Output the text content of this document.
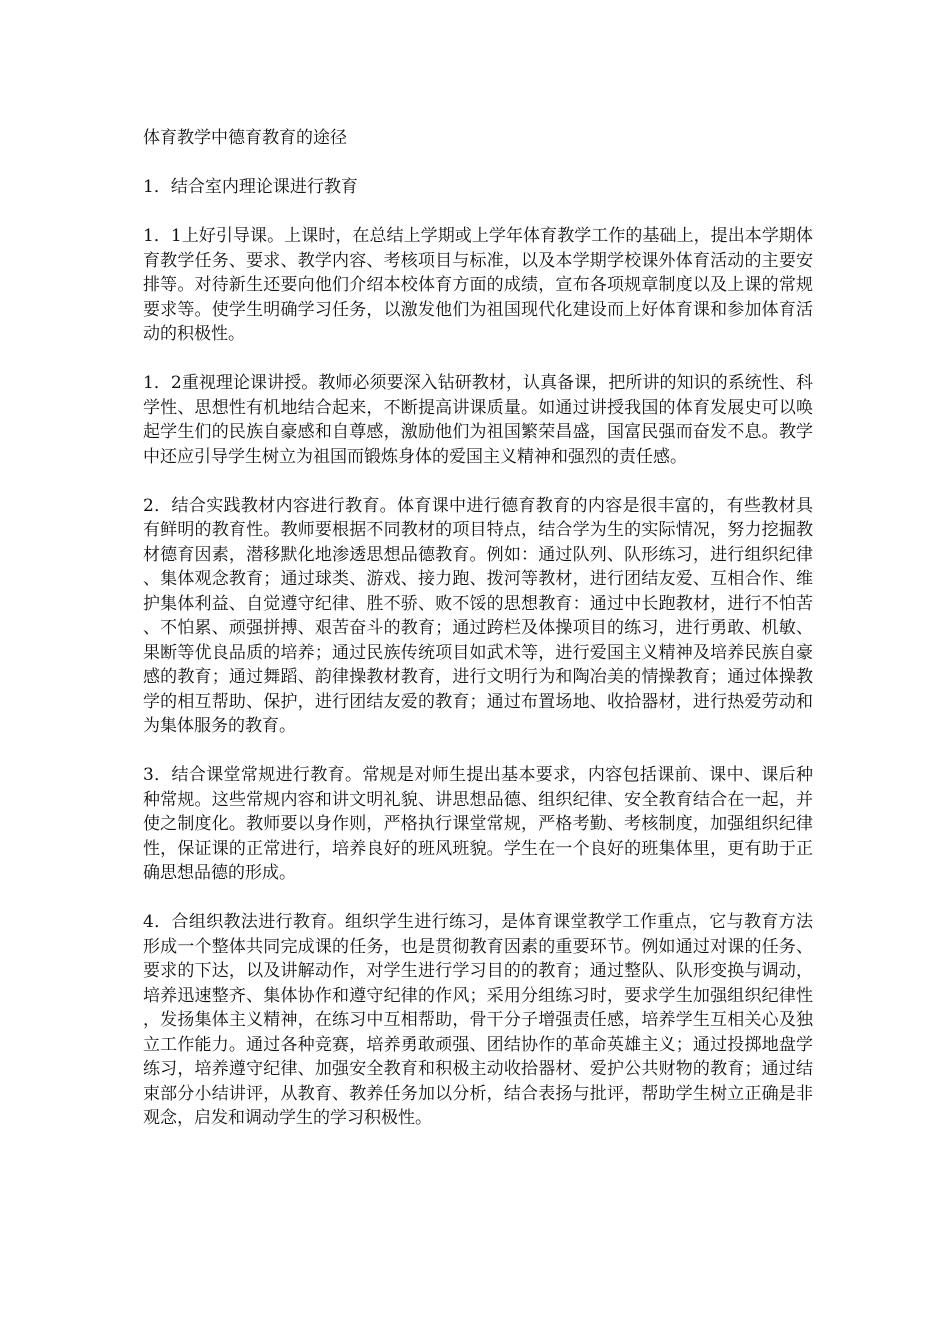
体育教学中德育教育的途径

1．结合室内理论课进行教育

1．1上好引导课。上课时，在总结上学期或上学年体育教学工作的基础上，提出本学期体育教学任务、要求、教学内容、考核项目与标准，以及本学期学校课外体育活动的主要安排等。对待新生还要向他们介绍本校体育方面的成绩，宣布各项规章制度以及上课的常规要求等。使学生明确学习任务，以激发他们为祖国现代化建设而上好体育课和参加体育活动的积极性。

1．2重视理论课讲授。教师必须要深入钻研教材，认真备课，把所讲的知识的系统性、科学性、思想性有机地结合起来，不断提高讲课质量。如通过讲授我国的体育发展史可以唤起学生们的民族自豪感和自尊感，激励他们为祖国繁荣昌盛，国富民强而奋发不息。教学中还应引导学生树立为祖国而锻炼身体的爱国主义精神和强烈的责任感。

2．结合实践教材内容进行教育。体育课中进行德育教育的内容是很丰富的，有些教材具有鲜明的教育性。教师要根据不同教材的项目特点，结合学为生的实际情况，努力挖掘教材德育因素，潜移默化地渗透思想品德教育。例如：通过队列、队形练习，进行组织纪律、集体观念教育；通过球类、游戏、接力跑、拨河等教材，进行团结友爱、互相合作、维护集体利益、自觉遵守纪律、胜不骄、败不馁的思想教育：通过中长跑教材，进行不怕苦、不怕累、顽强拼搏、艰苦奋斗的教育；通过跨栏及体操项目的练习，进行勇敢、机敏、果断等优良品质的培养；通过民族传统项目如武术等，进行爱国主义精神及培养民族自豪感的教育；通过舞蹈、韵律操教材教育，进行文明行为和陶冶美的情操教育；通过体操教学的相互帮助、保护，进行团结友爱的教育；通过布置场地、收拾器材，进行热爱劳动和为集体服务的教育。

3．结合课堂常规进行教育。常规是对师生提出基本要求，内容包括课前、课中、课后种种常规。这些常规内容和讲文明礼貌、讲思想品德、组织纪律、安全教育结合在一起，并使之制度化。教师要以身作则，严格执行课堂常规，严格考勤、考核制度，加强组织纪律性，保证课的正常进行，培养良好的班风班貌。学生在一个良好的班集体里，更有助于正确思想品德的形成。

4．合组织教法进行教育。组织学生进行练习，是体育课堂教学工作重点，它与教育方法形成一个整体共同完成课的任务，也是贯彻教育因素的重要环节。例如通过对课的任务、要求的下达，以及讲解动作，对学生进行学习目的的教育；通过整队、队形变换与调动，培养迅速整齐、集体协作和遵守纪律的作风；采用分组练习时，要求学生加强组织纪律性，发扬集体主义精神，在练习中互相帮助，骨干分子增强责任感，培养学生互相关心及独立工作能力。通过各种竞赛，培养勇敢顽强、团结协作的革命英雄主义；通过投掷地盘学练习，培养遵守纪律、加强安全教育和积极主动收拾器材、爱护公共财物的教育；通过结束部分小结讲评，从教育、教养任务加以分析，结合表扬与批评，帮助学生树立正确是非观念，启发和调动学生的学习积极性。
